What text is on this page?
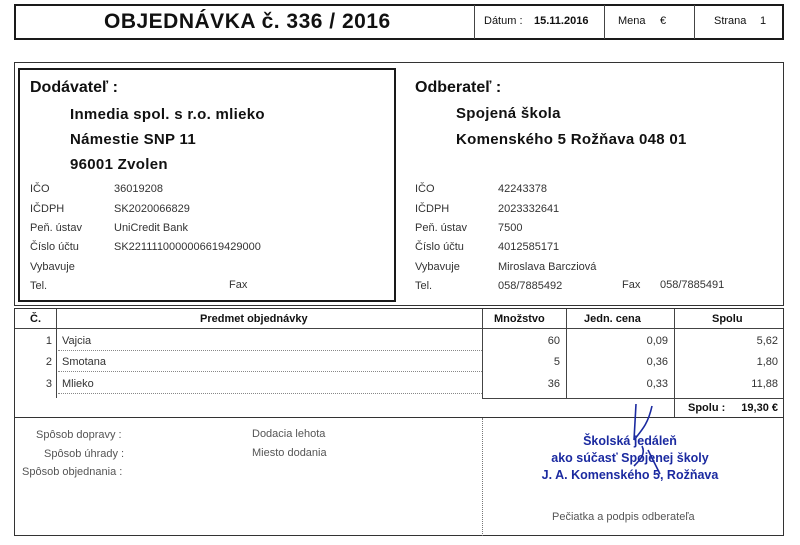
OBJEDNÁVKA č. 336 / 2016	Dátum : 15.11.2016	Mena €	Strana 1
Dodávateľ :
Inmedia spol. s r.o. mlieko
Námestie SNP 11
96001 Zvolen
IČO	36019208
IČDPH	SK2020066829
Peň. ústav	UniCredit Bank
Číslo účtu	SK2211110000006619429000
Vybavuje
Tel.	Fax
Odberateľ :
Spojená škola
Komenského 5 Rožňava 048 01
IČO	42243378
IČDPH	2023332641
Peň. ústav	7500
Číslo účtu	4012585171
Vybavuje	Miroslava Barcziová
Tel.	058/7885492	Fax 058/7885491
Č.	Predmet objednávky	Množstvo	Jedn. cena	Spolu
1 Vajcia	60	0,09	5,62
2 Smotana	5	0,36	1,80
3 Mlieko	36	0,33	11,88
Spolu :	19,30 €
Spôsob dopravy :
Spôsob úhrady :
Spôsob objednania :
Dodacia lehota
Miesto dodania
Školská jedáleň
ako súčasť Spojenej školy
J. A. Komenského 5, Rožňava
Pečiatka a podpis odberateľa
